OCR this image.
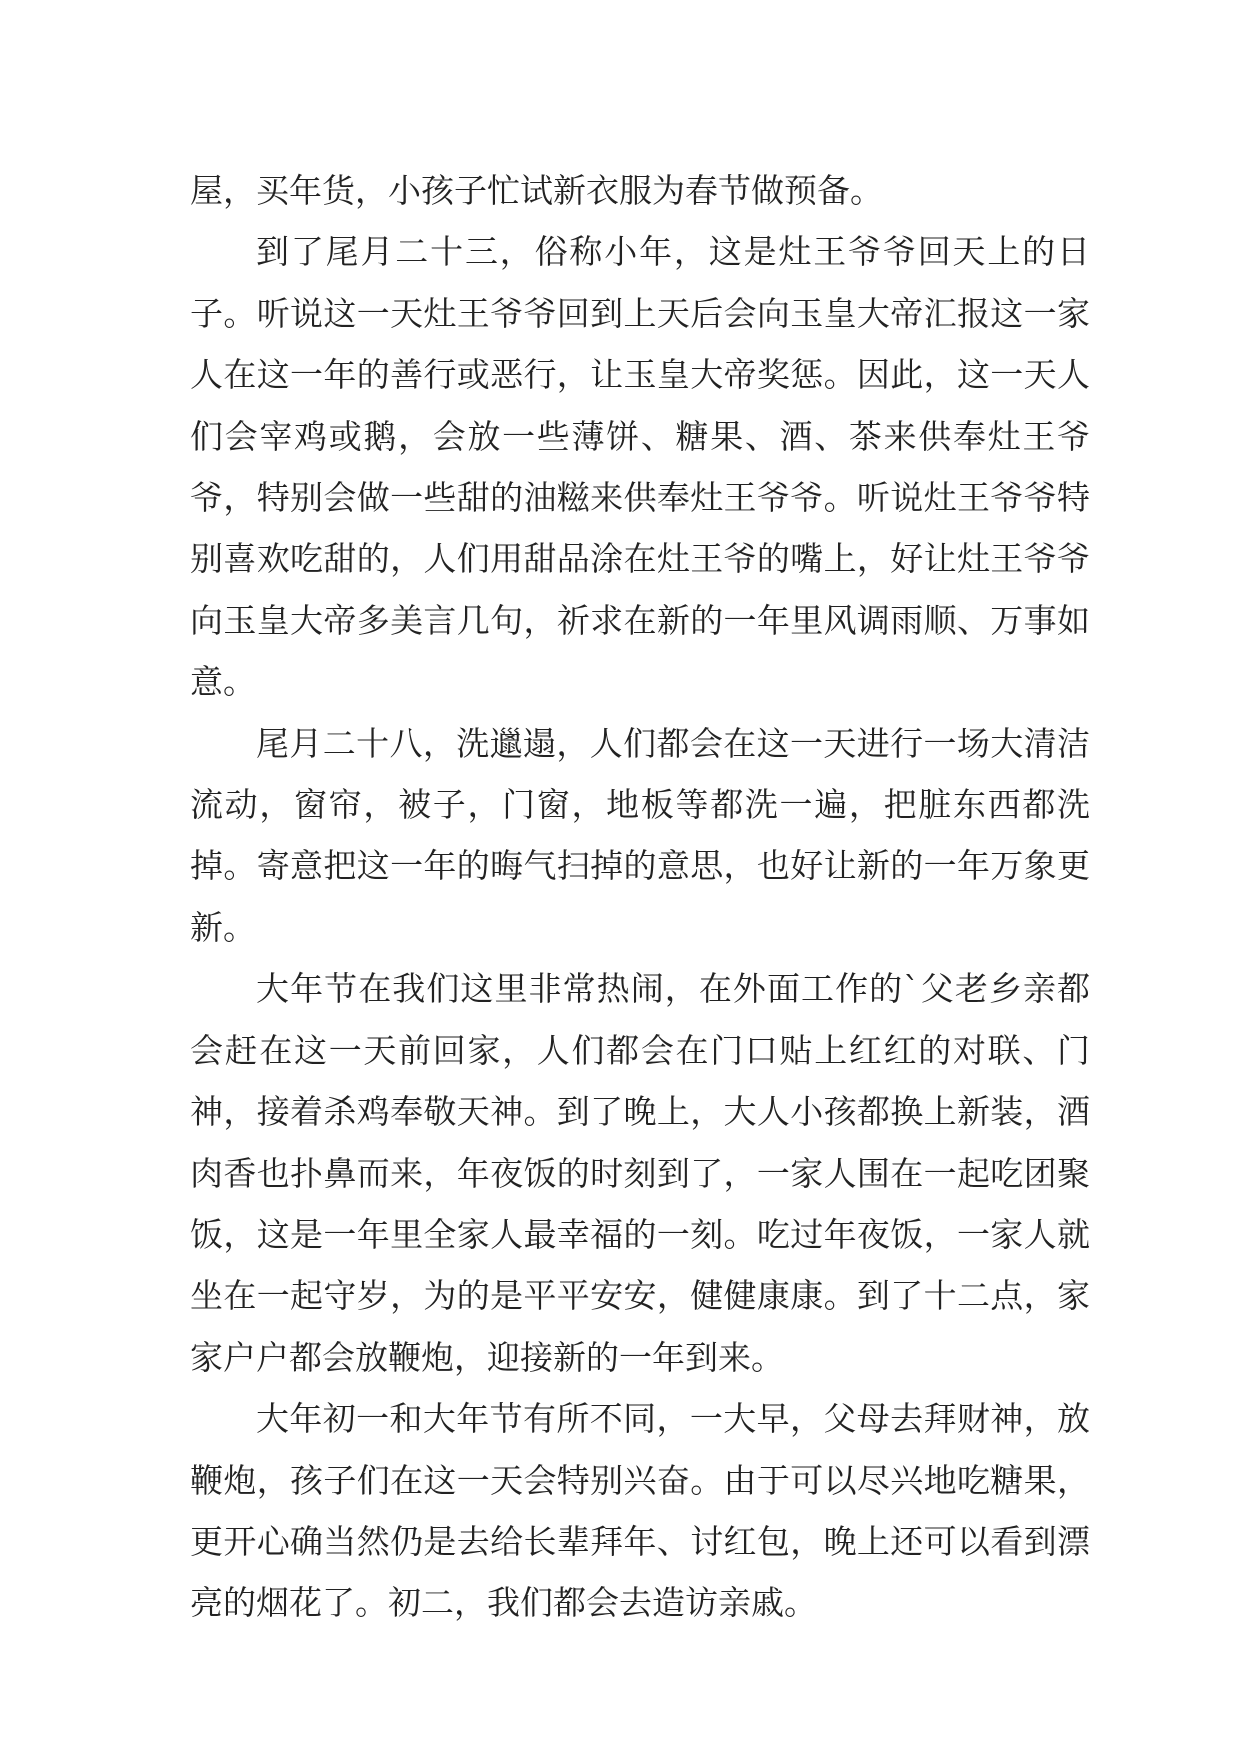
屋，买年货，小孩子忙试新衣服为春节做预备。

到了尾月二十三，俗称小年，这是灶王爷爷回天上的日子。听说这一天灶王爷爷回到上天后会向玉皇大帝汇报这一家人在这一年的善行或恶行，让玉皇大帝奖惩。因此，这一天人们会宰鸡或鹅，会放一些薄饼、糖果、酒、茶来供奉灶王爷爷，特别会做一些甜的油糍来供奉灶王爷爷。听说灶王爷爷特别喜欢吃甜的，人们用甜品涂在灶王爷的嘴上，好让灶王爷爷向玉皇大帝多美言几句，祈求在新的一年里风调雨顺、万事如意。

尾月二十八，洗邋遢，人们都会在这一天进行一场大清洁流动，窗帘，被子，门窗，地板等都洗一遍，把脏东西都洗掉。寄意把这一年的晦气扫掉的意思，也好让新的一年万象更新。

大年节在我们这里非常热闹，在外面工作的`父老乡亲都会赶在这一天前回家，人们都会在门口贴上红红的对联、门神，接着杀鸡奉敬天神。到了晚上，大人小孩都换上新装，酒肉香也扑鼻而来，年夜饭的时刻到了，一家人围在一起吃团聚饭，这是一年里全家人最幸福的一刻。吃过年夜饭，一家人就坐在一起守岁，为的是平平安安，健健康康。到了十二点，家家户户都会放鞭炮，迎接新的一年到来。

大年初一和大年节有所不同，一大早，父母去拜财神，放鞭炮，孩子们在这一天会特别兴奋。由于可以尽兴地吃糖果，更开心确当然仍是去给长辈拜年、讨红包，晚上还可以看到漂亮的烟花了。初二，我们都会去造访亲戚。
